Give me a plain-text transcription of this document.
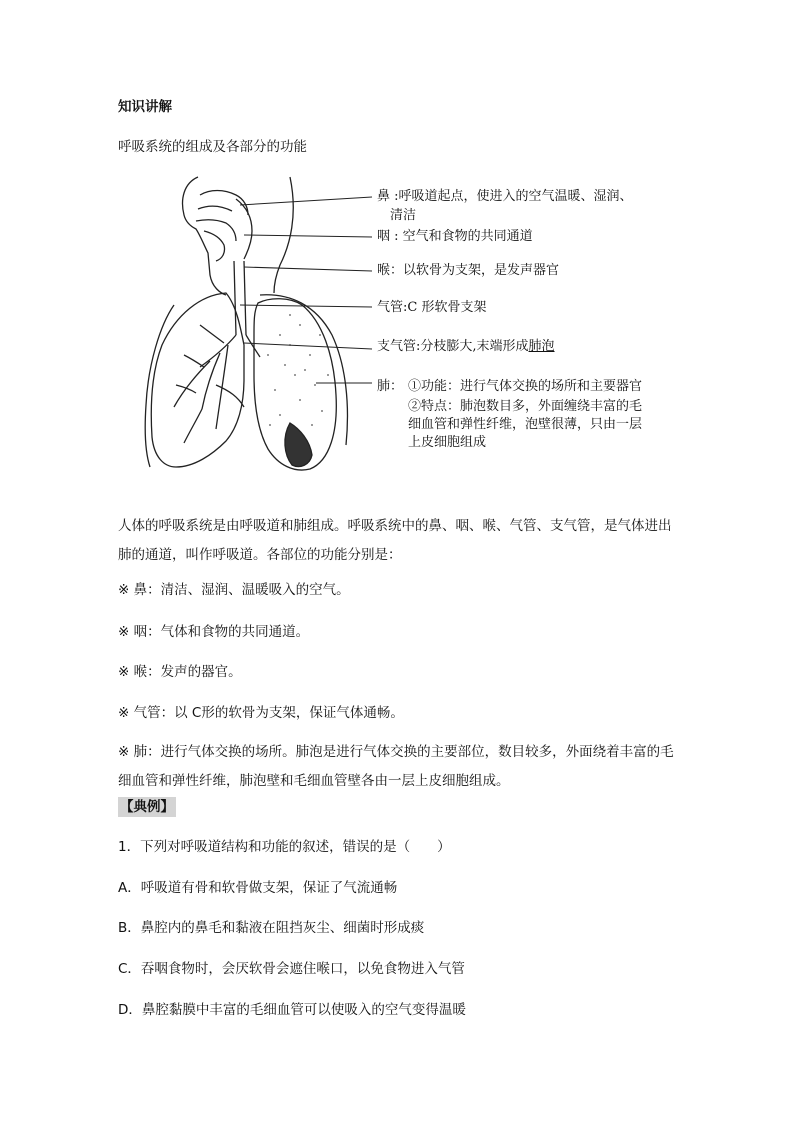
知识讲解
呼吸系统的组成及各部分的功能
鼻 :呼吸道起点，使进入的空气温暖、湿润、
清洁
咽 : 空气和食物的共同通道
喉：以软骨为支架，是发声器官
气管:C 形软骨支架
支气管:分枝膨大,末端形成肺泡
肺： ①功能：进行气体交换的场所和主要器官
②特点：肺泡数目多，外面缠绕丰富的毛
细血管和弹性纤维，泡壁很薄，只由一层
上皮细胞组成
人体的呼吸系统是由呼吸道和肺组成。呼吸系统中的鼻、咽、喉、气管、支气管，是气体进出肺的通道，叫作呼吸道。各部位的功能分别是：
※ 鼻：清洁、湿润、温暖吸入的空气。
※ 咽：气体和食物的共同通道。
※ 喉：发声的器官。
※ 气管：以 C形的软骨为支架，保证气体通畅。
※ 肺：进行气体交换的场所。肺泡是进行气体交换的主要部位，数目较多，外面绕着丰富的毛细血管和弹性纤维，肺泡壁和毛细血管壁各由一层上皮细胞组成。
【典例】
1．下列对呼吸道结构和功能的叙述，错误的是（　　）
A．呼吸道有骨和软骨做支架，保证了气流通畅
B．鼻腔内的鼻毛和黏液在阻挡灰尘、细菌时形成痰
C．吞咽食物时，会厌软骨会遮住喉口，以免食物进入气管
D．鼻腔黏膜中丰富的毛细血管可以使吸入的空气变得温暖
